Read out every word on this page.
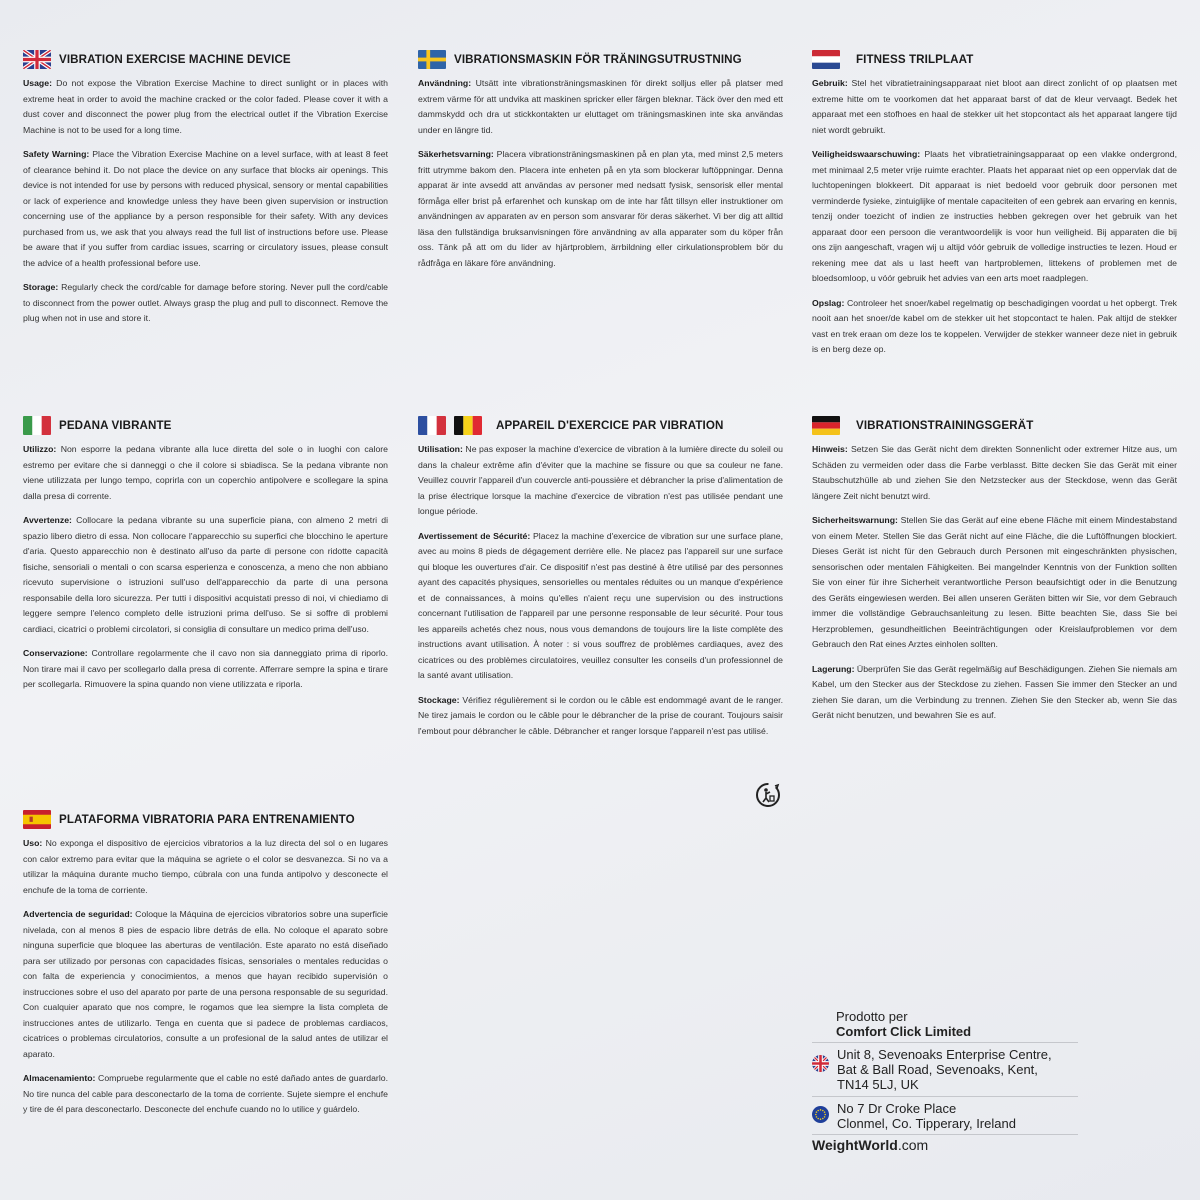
VIBRATION EXERCISE MACHINE DEVICE

Usage: Do not expose the Vibration Exercise Machine to direct sunlight or in places with extreme heat in order to avoid the machine cracked or the color faded. Please cover it with a dust cover and disconnect the power plug from the electrical outlet if the Vibration Exercise Machine is not to be used for a long time.

Safety Warning: Place the Vibration Exercise Machine on a level surface, with at least 8 feet of clearance behind it. Do not place the device on any surface that blocks air openings. This device is not intended for use by persons with reduced physical, sensory or mental capabilities or lack of experience and knowledge unless they have been given supervision or instruction concerning use of the appliance by a person responsible for their safety. With any devices purchased from us, we ask that you always read the full list of instructions before use. Please be aware that if you suffer from cardiac issues, scarring or circulatory issues, please consult the advice of a health professional before use.

Storage: Regularly check the cord/cable for damage before storing. Never pull the cord/cable to disconnect from the power outlet. Always grasp the plug and pull to disconnect. Remove the plug when not in use and store it.

PEDANA VIBRANTE

Utilizzo: Non esporre la pedana vibrante alla luce diretta del sole o in luoghi con calore estremo per evitare che si danneggi o che il colore si sbiadisca. Se la pedana vibrante non viene utilizzata per lungo tempo, coprirla con un coperchio antipolvere e scollegare la spina dalla presa di corrente.

Avvertenze: Collocare la pedana vibrante su una superficie piana, con almeno 2 metri di spazio libero dietro di essa. Non collocare l'apparecchio su superfici che blocchino le aperture d'aria. Questo apparecchio non è destinato all'uso da parte di persone con ridotte capacità fisiche, sensoriali o mentali o con scarsa esperienza e conoscenza, a meno che non abbiano ricevuto supervisione o istruzioni sull'uso dell'apparecchio da parte di una persona responsabile della loro sicurezza. Per tutti i dispositivi acquistati presso di noi, vi chiediamo di leggere sempre l'elenco completo delle istruzioni prima dell'uso. Se si soffre di problemi cardiaci, cicatrici o problemi circolatori, si consiglia di consultare un medico prima dell'uso.

Conservazione: Controllare regolarmente che il cavo non sia danneggiato prima di riporlo. Non tirare mai il cavo per scollegarlo dalla presa di corrente. Afferrare sempre la spina e tirare per scollegarla. Rimuovere la spina quando non viene utilizzata e riporla.

PLATAFORMA VIBRATORIA PARA ENTRENAMIENTO

Uso: No exponga el dispositivo de ejercicios vibratorios a la luz directa del sol o en lugares con calor extremo para evitar que la máquina se agriete o el color se desvanezca. Si no va a utilizar la máquina durante mucho tiempo, cúbrala con una funda antipolvo y desconecte el enchufe de la toma de corriente.

Advertencia de seguridad: Coloque la Máquina de ejercicios vibratorios sobre una superficie nivelada, con al menos 8 pies de espacio libre detrás de ella. No coloque el aparato sobre ninguna superficie que bloquee las aberturas de ventilación. Este aparato no está diseñado para ser utilizado por personas con capacidades físicas, sensoriales o mentales reducidas o con falta de experiencia y conocimientos, a menos que hayan recibido supervisión o instrucciones sobre el uso del aparato por parte de una persona responsable de su seguridad. Con cualquier aparato que nos compre, le rogamos que lea siempre la lista completa de instrucciones antes de utilizarlo. Tenga en cuenta que si padece de problemas cardiacos, cicatrices o problemas circulatorios, consulte a un profesional de la salud antes de utilizar el aparato.

Almacenamiento: Compruebe regularmente que el cable no esté dañado antes de guardarlo. No tire nunca del cable para desconectarlo de la toma de corriente. Sujete siempre el enchufe y tire de él para desconectarlo. Desconecte del enchufe cuando no lo utilice y guárdelo.

VIBRATIONSMASKIN FÖR TRÄNINGSUTRUSTNING

Användning: Utsätt inte vibrationsträningsmaskinen för direkt solljus eller på platser med extrem värme för att undvika att maskinen spricker eller färgen bleknar. Täck över den med ett dammskydd och dra ut stickkontakten ur eluttaget om träningsmaskinen inte ska användas under en längre tid.

Säkerhetsvarning: Placera vibrationsträningsmaskinen på en plan yta, med minst 2,5 meters fritt utrymme bakom den. Placera inte enheten på en yta som blockerar luftöppningar. Denna apparat är inte avsedd att användas av personer med nedsatt fysisk, sensorisk eller mental förmåga eller brist på erfarenhet och kunskap om de inte har fått tillsyn eller instruktioner om användningen av apparaten av en person som ansvarar för deras säkerhet. Vi ber dig att alltid läsa den fullständiga bruksanvisningen före användning av alla apparater som du köper från oss. Tänk på att om du lider av hjärtproblem, ärrbildning eller cirkulationsproblem bör du rådfråga en läkare före användning.

APPAREIL D'EXERCICE PAR VIBRATION

Utilisation: Ne pas exposer la machine d'exercice de vibration à la lumière directe du soleil ou dans la chaleur extrême afin d'éviter que la machine se fissure ou que sa couleur ne fane. Veuillez couvrir l'appareil d'un couvercle anti-poussière et débrancher la prise d'alimentation de la prise électrique lorsque la machine d'exercice de vibration n'est pas utilisée pendant une longue période.

Avertissement de Sécurité: Placez la machine d'exercice de vibration sur une surface plane, avec au moins 8 pieds de dégagement derrière elle. Ne placez pas l'appareil sur une surface qui bloque les ouvertures d'air. Ce dispositif n'est pas destiné à être utilisé par des personnes ayant des capacités physiques, sensorielles ou mentales réduites ou un manque d'expérience et de connaissances, à moins qu'elles n'aient reçu une supervision ou des instructions concernant l'utilisation de l'appareil par une personne responsable de leur sécurité. Pour tous les appareils achetés chez nous, nous vous demandons de toujours lire la liste complète des instructions avant utilisation. À noter : si vous souffrez de problèmes cardiaques, avez des cicatrices ou des problèmes circulatoires, veuillez consulter les conseils d'un professionnel de la santé avant utilisation.

Stockage: Vérifiez régulièrement si le cordon ou le câble est endommagé avant de le ranger. Ne tirez jamais le cordon ou le câble pour le débrancher de la prise de courant. Toujours saisir l'embout pour débrancher le câble. Débrancher et ranger lorsque l'appareil n'est pas utilisé.

FITNESS TRILPLAAT

Gebruik: Stel het vibratietrainingsapparaat niet bloot aan direct zonlicht of op plaatsen met extreme hitte om te voorkomen dat het apparaat barst of dat de kleur vervaagt. Bedek het apparaat met een stofhoes en haal de stekker uit het stopcontact als het apparaat langere tijd niet wordt gebruikt.

Veiligheidswaarschuwing: Plaats het vibratietrainingsapparaat op een vlakke ondergrond, met minimaal 2,5 meter vrije ruimte erachter. Plaats het apparaat niet op een oppervlak dat de luchtopeningen blokkeert. Dit apparaat is niet bedoeld voor gebruik door personen met verminderde fysieke, zintuiglijke of mentale capaciteiten of een gebrek aan ervaring en kennis, tenzij onder toezicht of indien ze instructies hebben gekregen over het gebruik van het apparaat door een persoon die verantwoordelijk is voor hun veiligheid. Bij apparaten die bij ons zijn aangeschaft, vragen wij u altijd vóór gebruik de volledige instructies te lezen. Houd er rekening mee dat als u last heeft van hartproblemen, littekens of problemen met de bloedsomloop, u vóór gebruik het advies van een arts moet raadplegen.

Opslag: Controleer het snoer/kabel regelmatig op beschadigingen voordat u het opbergt. Trek nooit aan het snoer/de kabel om de stekker uit het stopcontact te halen. Pak altijd de stekker vast en trek eraan om deze los te koppelen. Verwijder de stekker wanneer deze niet in gebruik is en berg deze op.

VIBRATIONSTRAININGSGERÄT

Hinweis: Setzen Sie das Gerät nicht dem direkten Sonnenlicht oder extremer Hitze aus, um Schäden zu vermeiden oder dass die Farbe verblasst. Bitte decken Sie das Gerät mit einer Staubschutzhülle ab und ziehen Sie den Netzstecker aus der Steckdose, wenn das Gerät längere Zeit nicht benutzt wird.

Sicherheitswarnung: Stellen Sie das Gerät auf eine ebene Fläche mit einem Mindestabstand von einem Meter. Stellen Sie das Gerät nicht auf eine Fläche, die die Luftöffnungen blockiert. Dieses Gerät ist nicht für den Gebrauch durch Personen mit eingeschränkten physischen, sensorischen oder mentalen Fähigkeiten. Bei mangelnder Kenntnis von der Funktion sollten Sie von einer für ihre Sicherheit verantwortliche Person beaufsichtigt oder in die Benutzung des Geräts eingewiesen werden. Bei allen unseren Geräten bitten wir Sie, vor dem Gebrauch immer die vollständige Gebrauchsanleitung zu lesen. Bitte beachten Sie, dass Sie bei Herzproblemen, gesundheitlichen Beeinträchtigungen oder Kreislaufproblemen vor dem Gebrauch den Rat eines Arztes einholen sollten.

Lagerung: Überprüfen Sie das Gerät regelmäßig auf Beschädigungen. Ziehen Sie niemals am Kabel, um den Stecker aus der Steckdose zu ziehen. Fassen Sie immer den Stecker an und ziehen Sie daran, um die Verbindung zu trennen. Ziehen Sie den Stecker ab, wenn Sie das Gerät nicht benutzen, und bewahren Sie es auf.

Prodotto per
Comfort Click Limited
Unit 8, Sevenoaks Enterprise Centre,
Bat & Ball Road, Sevenoaks, Kent,
TN14 5LJ, UK
No 7 Dr Croke Place
Clonmel, Co. Tipperary, Ireland
WeightWorld.com
